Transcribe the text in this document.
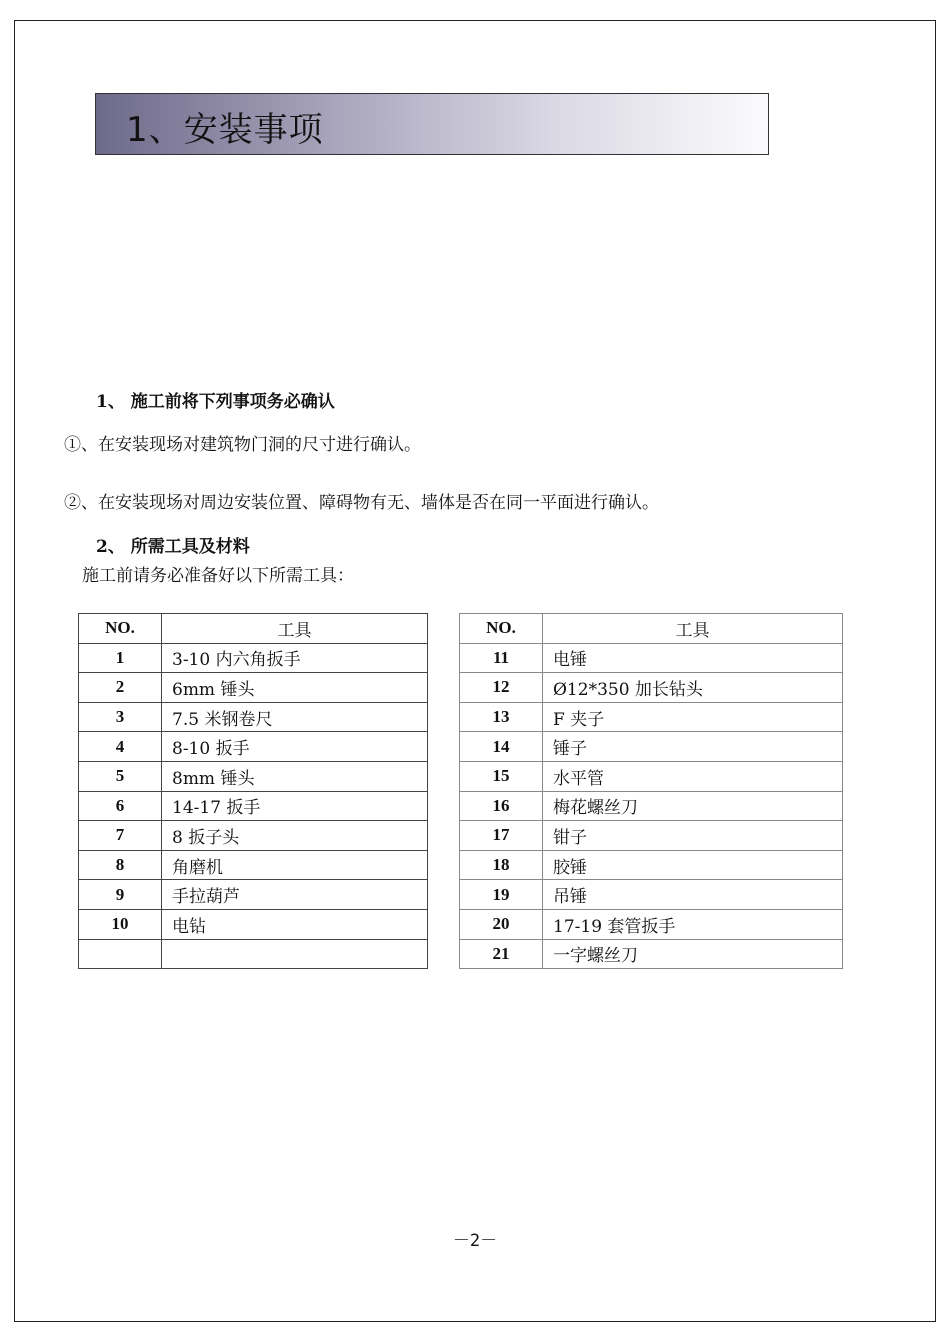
1、安装事项
1、 施工前将下列事项务必确认
①、在安装现场对建筑物门洞的尺寸进行确认。
②、在安装现场对周边安装位置、障碍物有无、墙体是否在同一平面进行确认。
2、 所需工具及材料
施工前请务必准备好以下所需工具：
NO.	工具
1	3-10 内六角扳手
2	6mm 锤头
3	7.5 米钢卷尺
4	8-10 扳手
5	8mm 锤头
6	14-17 扳手
7	8 扳子头
8	角磨机
9	手拉葫芦
10	电钻

NO.	工具
11	电锤
12	Ø12*350 加长钻头
13	F 夹子
14	锤子
15	水平管
16	梅花螺丝刀
17	钳子
18	胶锤
19	吊锤
20	17-19 套管扳手
21	一字螺丝刀
－2－
